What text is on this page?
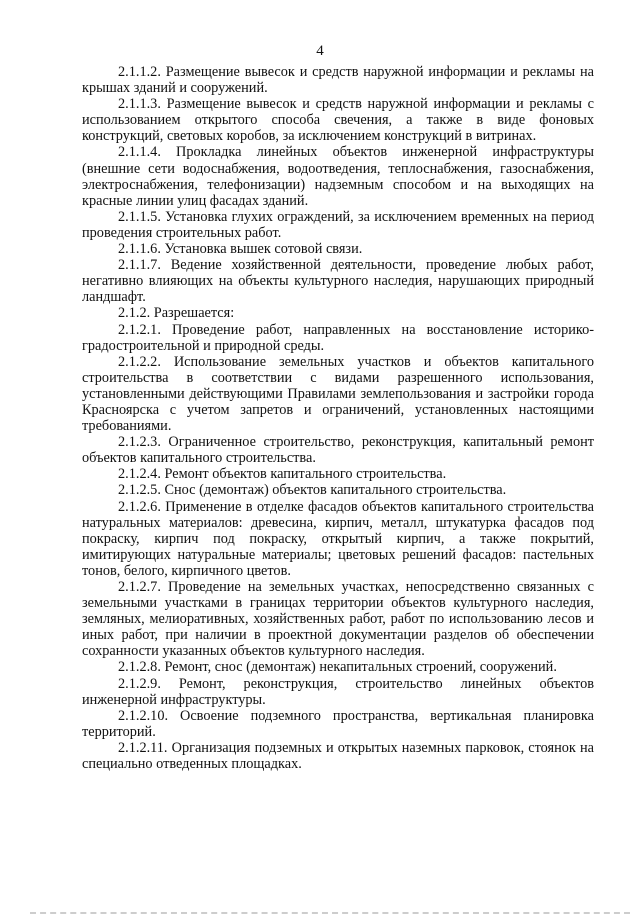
4

2.1.1.2. Размещение вывесок и средств наружной информации и рекламы на крышах зданий и сооружений.

2.1.1.3. Размещение вывесок и средств наружной информации и рекламы с использованием открытого способа свечения, а также в виде фоновых конструкций, световых коробов, за исключением конструкций в витринах.

2.1.1.4. Прокладка линейных объектов инженерной инфраструктуры (внешние сети водоснабжения, водоотведения, теплоснабжения, газоснабжения, электроснабжения, телефонизации) надземным способом и на выходящих на красные линии улиц фасадах зданий.

2.1.1.5. Установка глухих ограждений, за исключением временных на период проведения строительных работ.

2.1.1.6. Установка вышек сотовой связи.

2.1.1.7. Ведение хозяйственной деятельности, проведение любых работ, негативно влияющих на объекты культурного наследия, нарушающих природный ландшафт.

2.1.2. Разрешается:

2.1.2.1. Проведение работ, направленных на восстановление историко-градостроительной и природной среды.

2.1.2.2. Использование земельных участков и объектов капитального строительства в соответствии с видами разрешенного использования, установленными действующими Правилами землепользования и застройки города Красноярска с учетом запретов и ограничений, установленных настоящими требованиями.

2.1.2.3. Ограниченное строительство, реконструкция, капитальный ремонт объектов капитального строительства.

2.1.2.4. Ремонт объектов капитального строительства.

2.1.2.5. Снос (демонтаж) объектов капитального строительства.

2.1.2.6. Применение в отделке фасадов объектов капитального строительства натуральных материалов: древесина, кирпич, металл, штукатурка фасадов под покраску, кирпич под покраску, открытый кирпич, а также покрытий, имитирующих натуральные материалы; цветовых решений фасадов: пастельных тонов, белого, кирпичного цветов.

2.1.2.7. Проведение на земельных участках, непосредственно связанных с земельными участками в границах территории объектов культурного наследия, земляных, мелиоративных, хозяйственных работ, работ по использованию лесов и иных работ, при наличии в проектной документации разделов об обеспечении сохранности указанных объектов культурного наследия.

2.1.2.8. Ремонт, снос (демонтаж) некапитальных строений, сооружений.

2.1.2.9. Ремонт, реконструкция, строительство линейных объектов инженерной инфраструктуры.

2.1.2.10. Освоение подземного пространства, вертикальная планировка территорий.

2.1.2.11. Организация подземных и открытых наземных парковок, стоянок на специально отведенных площадках.
